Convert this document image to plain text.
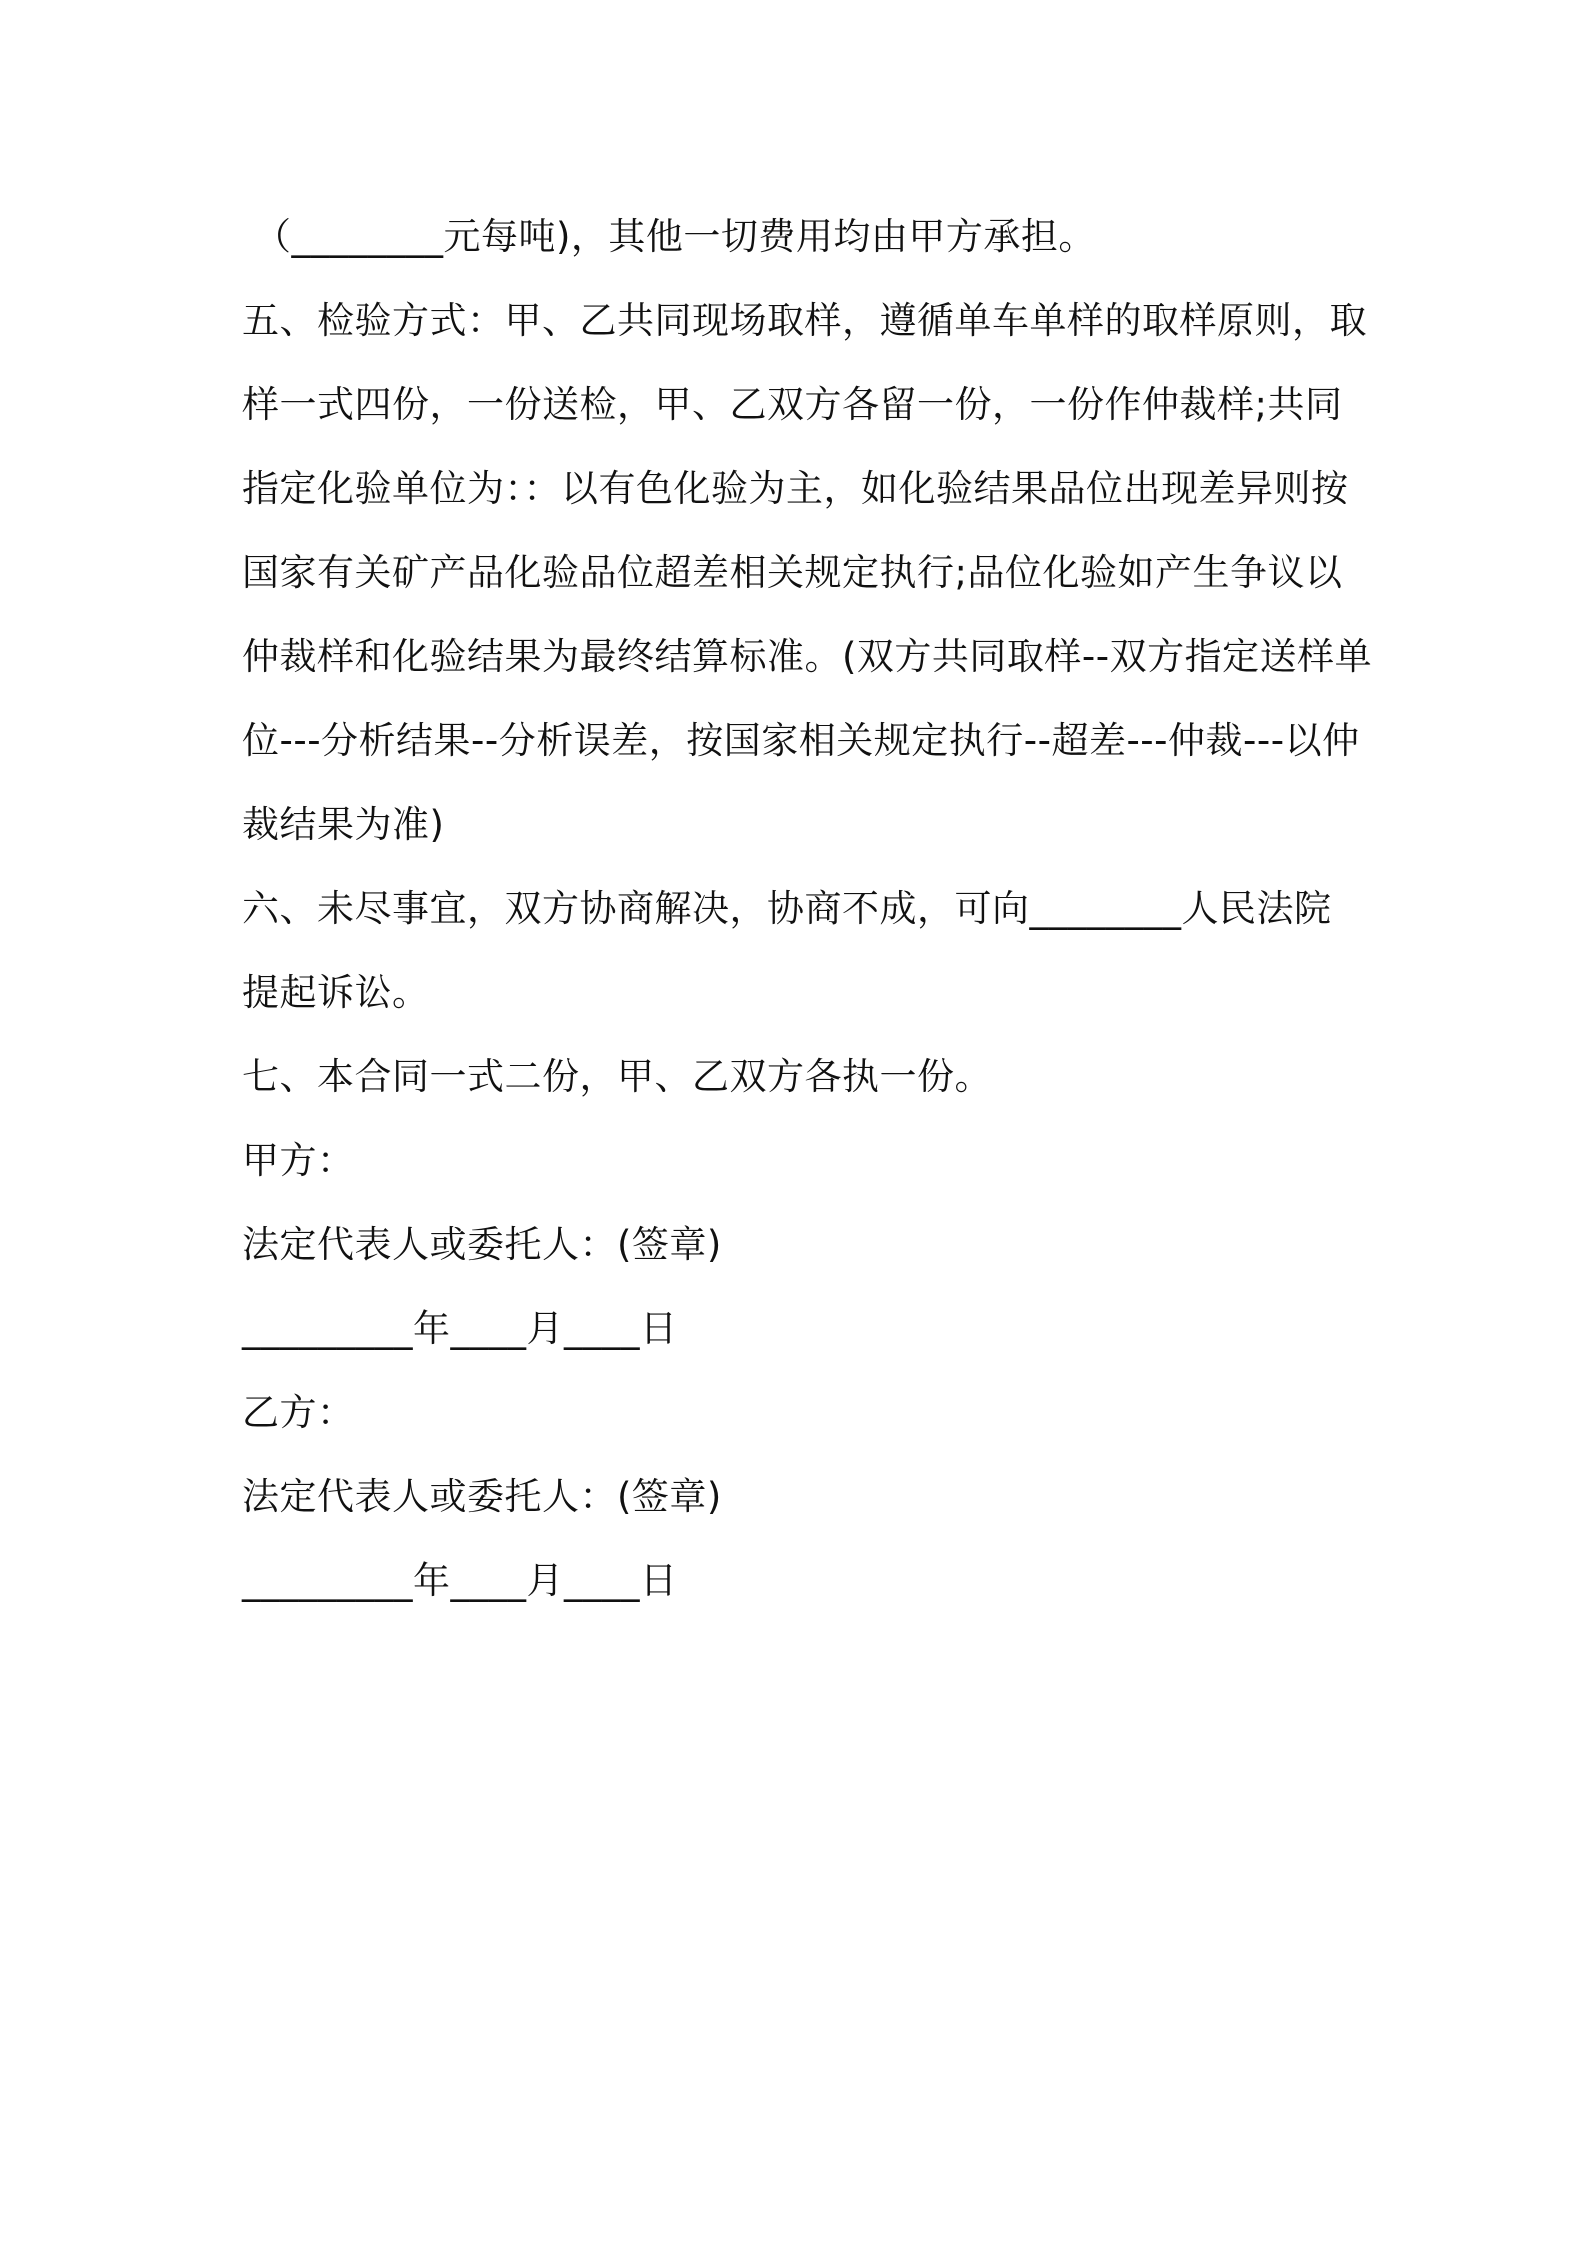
（________元每吨)，其他一切费用均由甲方承担。
五、检验方式：甲、乙共同现场取样，遵循单车单样的取样原则，取
样一式四份，一份送检，甲、乙双方各留一份，一份作仲裁样;共同
指定化验单位为：：以有色化验为主，如化验结果品位出现差异则按
国家有关矿产品化验品位超差相关规定执行;品位化验如产生争议以
仲裁样和化验结果为最终结算标准。(双方共同取样--双方指定送样单
位---分析结果--分析误差，按国家相关规定执行--超差---仲裁---以仲
裁结果为准)
六、未尽事宜，双方协商解决，协商不成，可向________人民法院
提起诉讼。
七、本合同一式二份，甲、乙双方各执一份。
甲方：
法定代表人或委托人：(签章)
_________年____月____日
乙方：
法定代表人或委托人：(签章)
_________年____月____日
